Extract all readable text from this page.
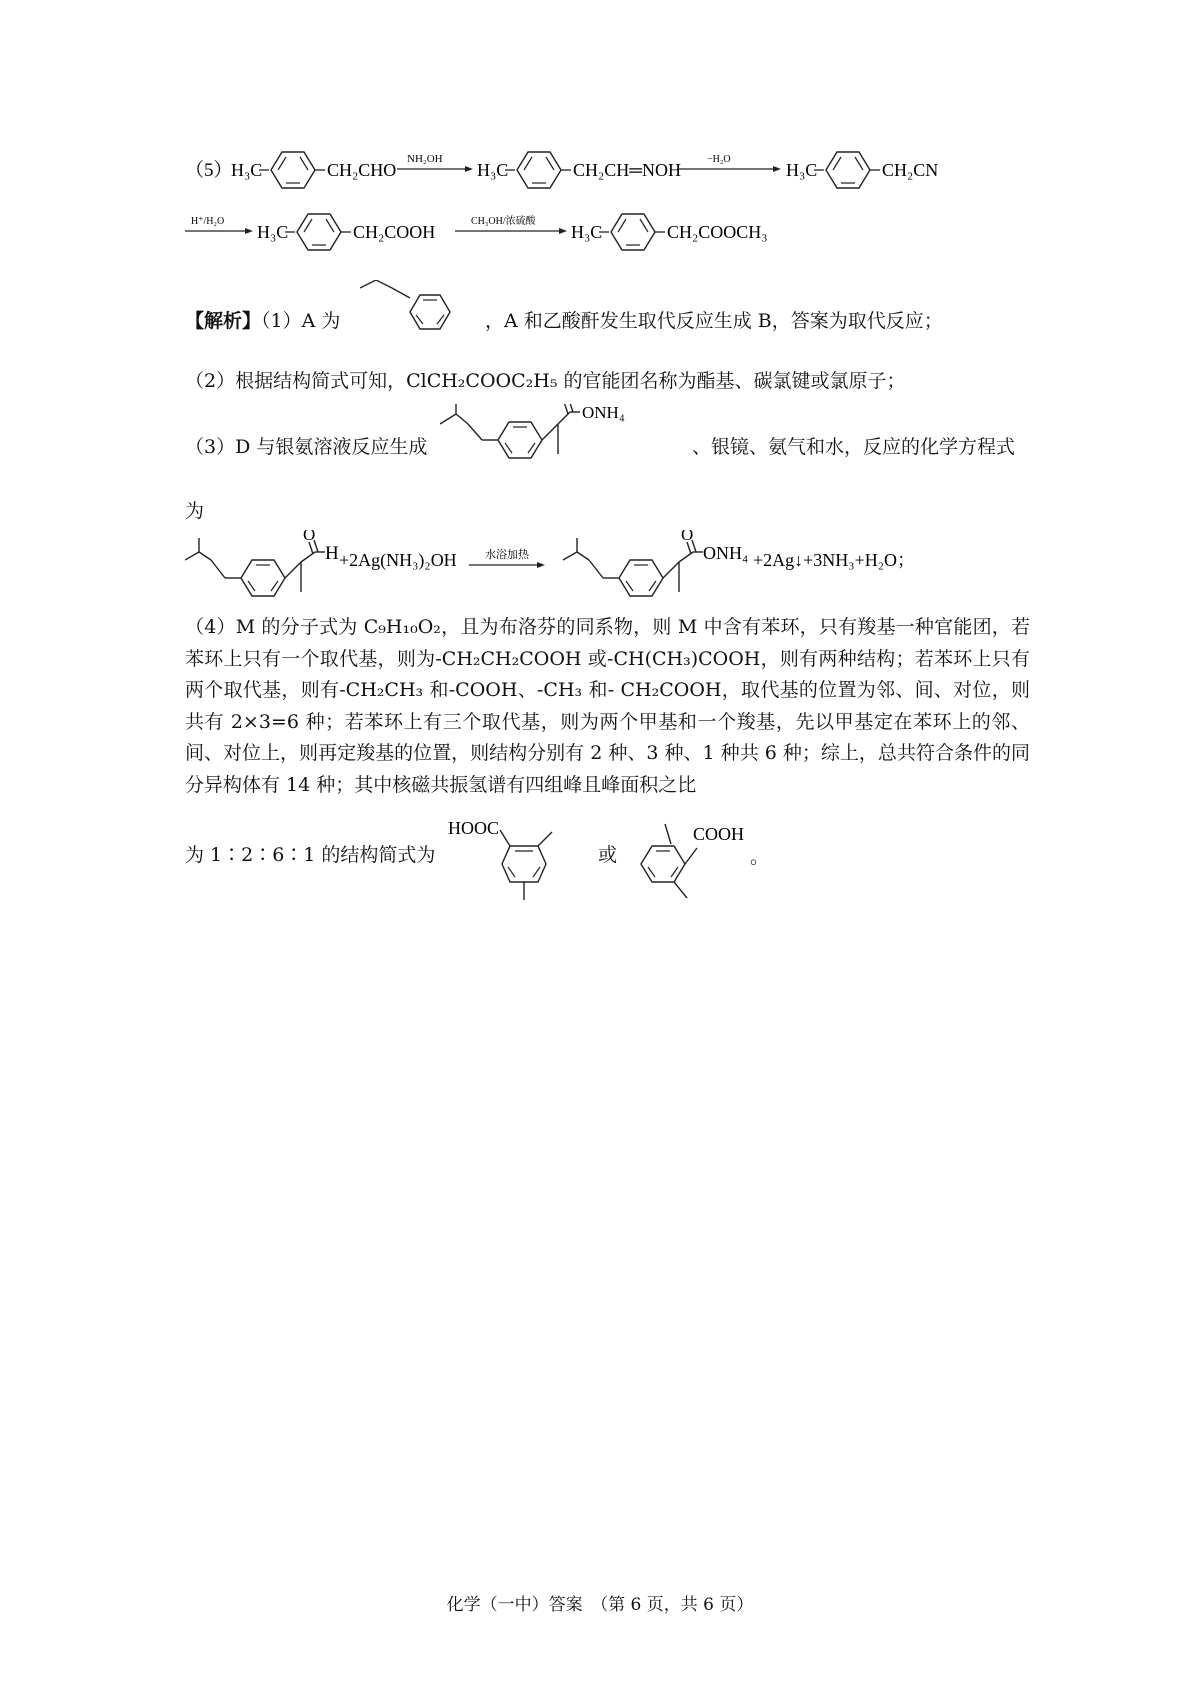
（5）
H₃C	CH₂CHO
NH₂OH
H₃C	CH₂CH═NOH
−H₂O
H₃C	CH₂CN
H⁺/H₂O
H₃C	CH₂COOH
CH₃OH/浓硫酸
H₃C	CH₂COOCH₃
【解析】（1）A 为	，A 和乙酸酐发生取代反应生成 B，答案为取代反应；
（2）根据结构简式可知，ClCH₂COOC₂H₅ 的官能团名称为酯基、碳氯键或氯原子；
（3）D 与银氨溶液反应生成
ONH₄
、银镜、氨气和水，反应的化学方程式
为
O
H +2Ag(NH₃)₂OH	水浴加热
O
ONH₄ +2Ag↓+3NH₃+H₂O；
（4）M 的分子式为 C₉H₁₀O₂，且为布洛芬的同系物，则 M 中含有苯环，只有羧基一种官能团，若苯环上只有一个取代基，则为-CH₂CH₂COOH 或-CH(CH₃)COOH，则有两种结构；若苯环上只有两个取代基，则有-CH₂CH₃ 和-COOH、-CH₃ 和- CH₂COOH，取代基的位置为邻、间、对位，则共有 2×3=6 种；若苯环上有三个取代基，则为两个甲基和一个羧基，先以甲基定在苯环上的邻、间、对位上，则再定羧基的位置，则结构分别有 2 种、3 种、1 种共 6 种；综上，总共符合条件的同分异构体有 14 种；其中核磁共振氢谱有四组峰且峰面积之比
为 1∶2∶6∶1 的结构简式为
HOOC
或
COOH
。
化学（一中）答案　（第 6 页，共 6 页）
